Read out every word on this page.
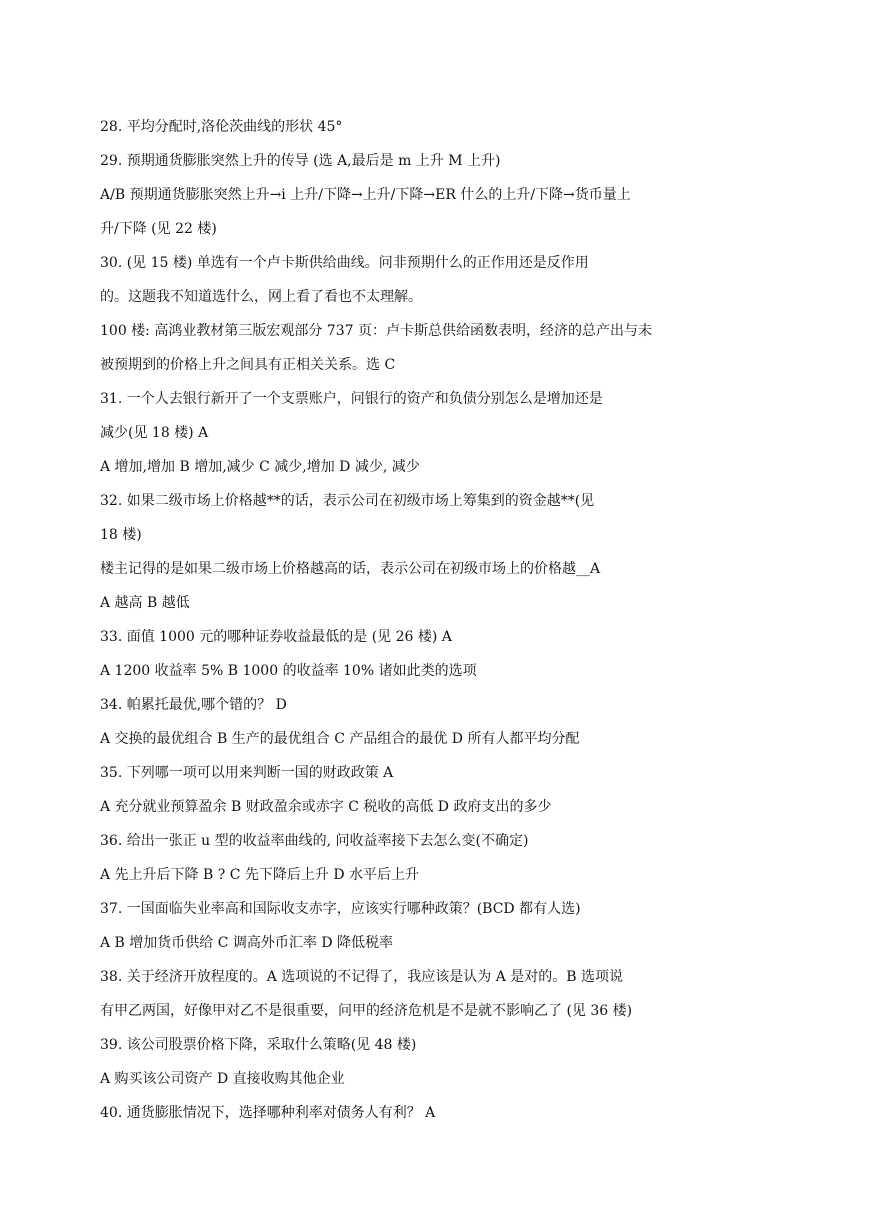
28. 平均分配时,洛伦茨曲线的形状 45°
29. 预期通货膨胀突然上升的传导 (选 A,最后是 m 上升 M 上升)
A/B 预期通货膨胀突然上升→i 上升/下降→上升/下降→ER 什么的上升/下降→货币量上
升/下降 (见 22 楼)
30. (见 15 楼) 单选有一个卢卡斯供给曲线。问非预期什么的正作用还是反作用
的。这题我不知道选什么，网上看了看也不太理解。
100 楼: 高鸿业教材第三版宏观部分 737 页：卢卡斯总供给函数表明，经济的总产出与未
被预期到的价格上升之间具有正相关关系。选 C
31. 一个人去银行新开了一个支票账户，问银行的资产和负债分别怎么是增加还是
减少(见 18 楼) A
A 增加,增加 B 增加,减少 C 减少,增加 D 减少, 减少
32. 如果二级市场上价格越**的话，表示公司在初级市场上筹集到的资金越**(见
18 楼)
楼主记得的是如果二级市场上价格越高的话，表示公司在初级市场上的价格越__A
A 越高 B 越低
33. 面值 1000 元的哪种证券收益最低的是 (见 26 楼) A
A 1200 收益率 5% B 1000 的收益率 10% 诸如此类的选项
34. 帕累托最优,哪个错的？ D
A 交换的最优组合 B 生产的最优组合 C 产品组合的最优 D 所有人都平均分配
35. 下列哪一项可以用来判断一国的财政政策 A
A 充分就业预算盈余 B 财政盈余或赤字 C 税收的高低 D 政府支出的多少
36. 给出一张正 u 型的收益率曲线的, 问收益率接下去怎么变(不确定)
A 先上升后下降 B ? C 先下降后上升 D 水平后上升
37. 一国面临失业率高和国际收支赤字，应该实行哪种政策？(BCD 都有人选)
A B 增加货币供给 C 调高外币汇率 D 降低税率
38. 关于经济开放程度的。A 选项说的不记得了，我应该是认为 A 是对的。B 选项说
有甲乙两国，好像甲对乙不是很重要，问甲的经济危机是不是就不影响乙了 (见 36 楼)
39. 该公司股票价格下降，采取什么策略(见 48 楼)
A 购买该公司资产 D 直接收购其他企业
40. 通货膨胀情况下，选择哪种利率对债务人有利？ A
